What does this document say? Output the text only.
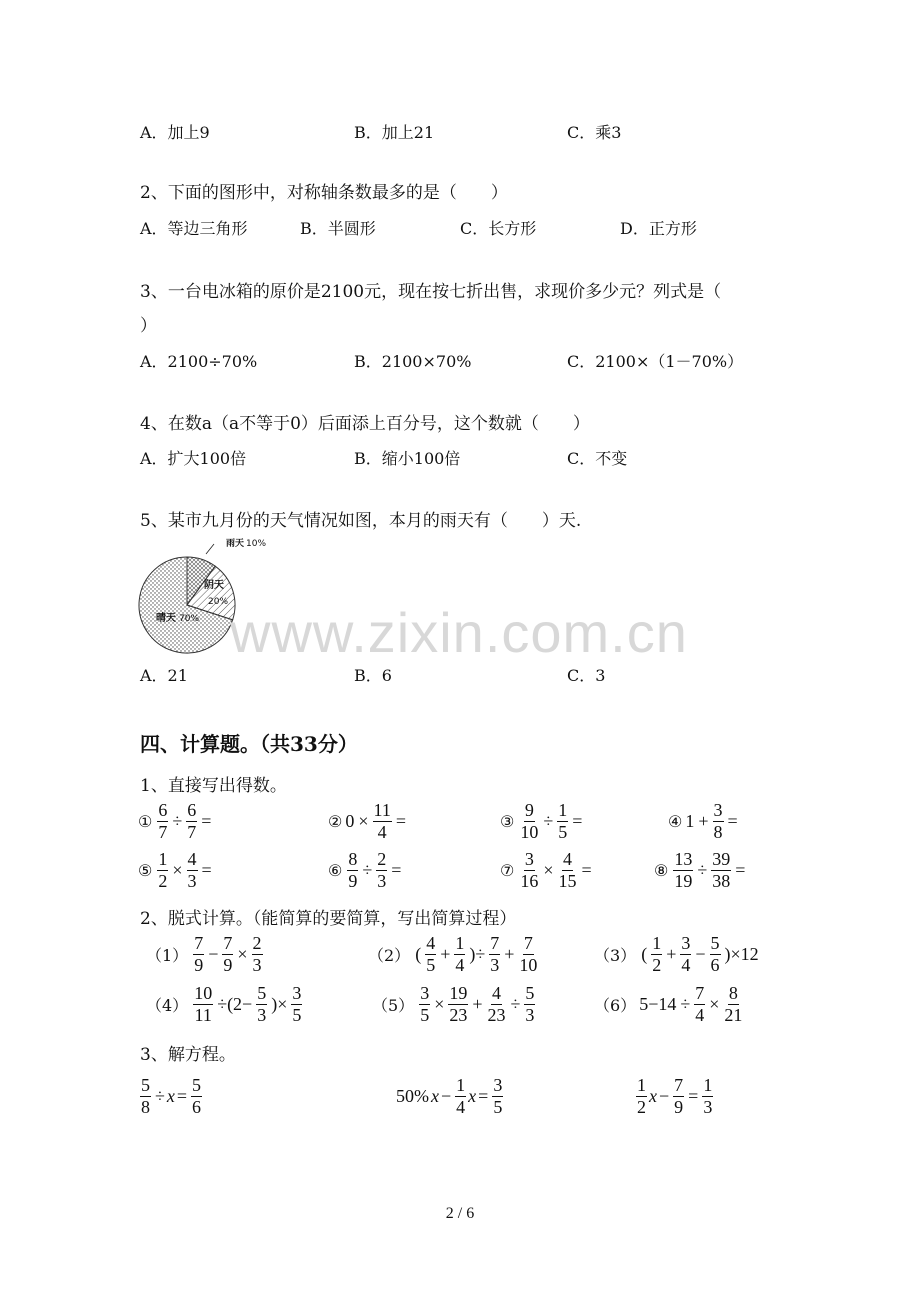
A．加上9	B．加上21	C．乘3
2、下面的图形中，对称轴条数最多的是（　　）
A．等边三角形	B．半圆形	C．长方形	D．正方形
3、一台电冰箱的原价是2100元，现在按七折出售，求现价多少元？列式是（
）
A．2100÷70%	B．2100×70%	C．2100×（1－70%）
4、在数a（a不等于0）后面添上百分号，这个数就（　　）
A．扩大100倍	B．缩小100倍	C．不变
5、某市九月份的天气情况如图，本月的雨天有（　　）天.
雨天 10%
阴天
20%
晴天 70%
A．21	B．6	C．3
www.zixin.com.cn
四、计算题。（共33分）
1、直接写出得数。
① $\frac{6}{7} \div \frac{6}{7}$ =	② $0 \times \frac{11}{4}$ =	③ $\frac{9}{10} \div \frac{1}{5}$ =	④ $1 + \frac{3}{8}$ =
⑤ $\frac{1}{2} \times \frac{4}{3}$ =	⑥ $\frac{8}{9} \div \frac{2}{3}$ =	⑦ $\frac{3}{16} \times \frac{4}{15}$ =	⑧ $\frac{13}{19} \div \frac{39}{38}$ =
2、脱式计算。（能简算的要简算，写出简算过程）
$(1) \frac{7}{9} - \frac{7}{9} \times \frac{2}{3}$	（2） ( $\frac{4}{5} + \frac{1}{4}$ )÷ $\frac{7}{3} + \frac{7}{10}$	（3） ( $\frac{1}{2} + \frac{3}{4} - \frac{5}{6} )\times 12$
$(4) \frac{10}{11} \div(2- \frac{5}{3}$ )× $\frac{3}{5}$	$(5) \frac{3}{5} \times \frac{19}{23} + \frac{4}{23} \div \frac{5}{3}$	（6） $5-14 \div \frac{7}{4} \times \frac{8}{21}$
3、解方程。
$\frac{5}{8} \div x = \frac{5}{6}$	50% $x - \frac{1}{4}$ $x = \frac{3}{5}$	$\frac{1}{2}$ $x - \frac{7}{9} = \frac{1}{3}$
2 / 6
